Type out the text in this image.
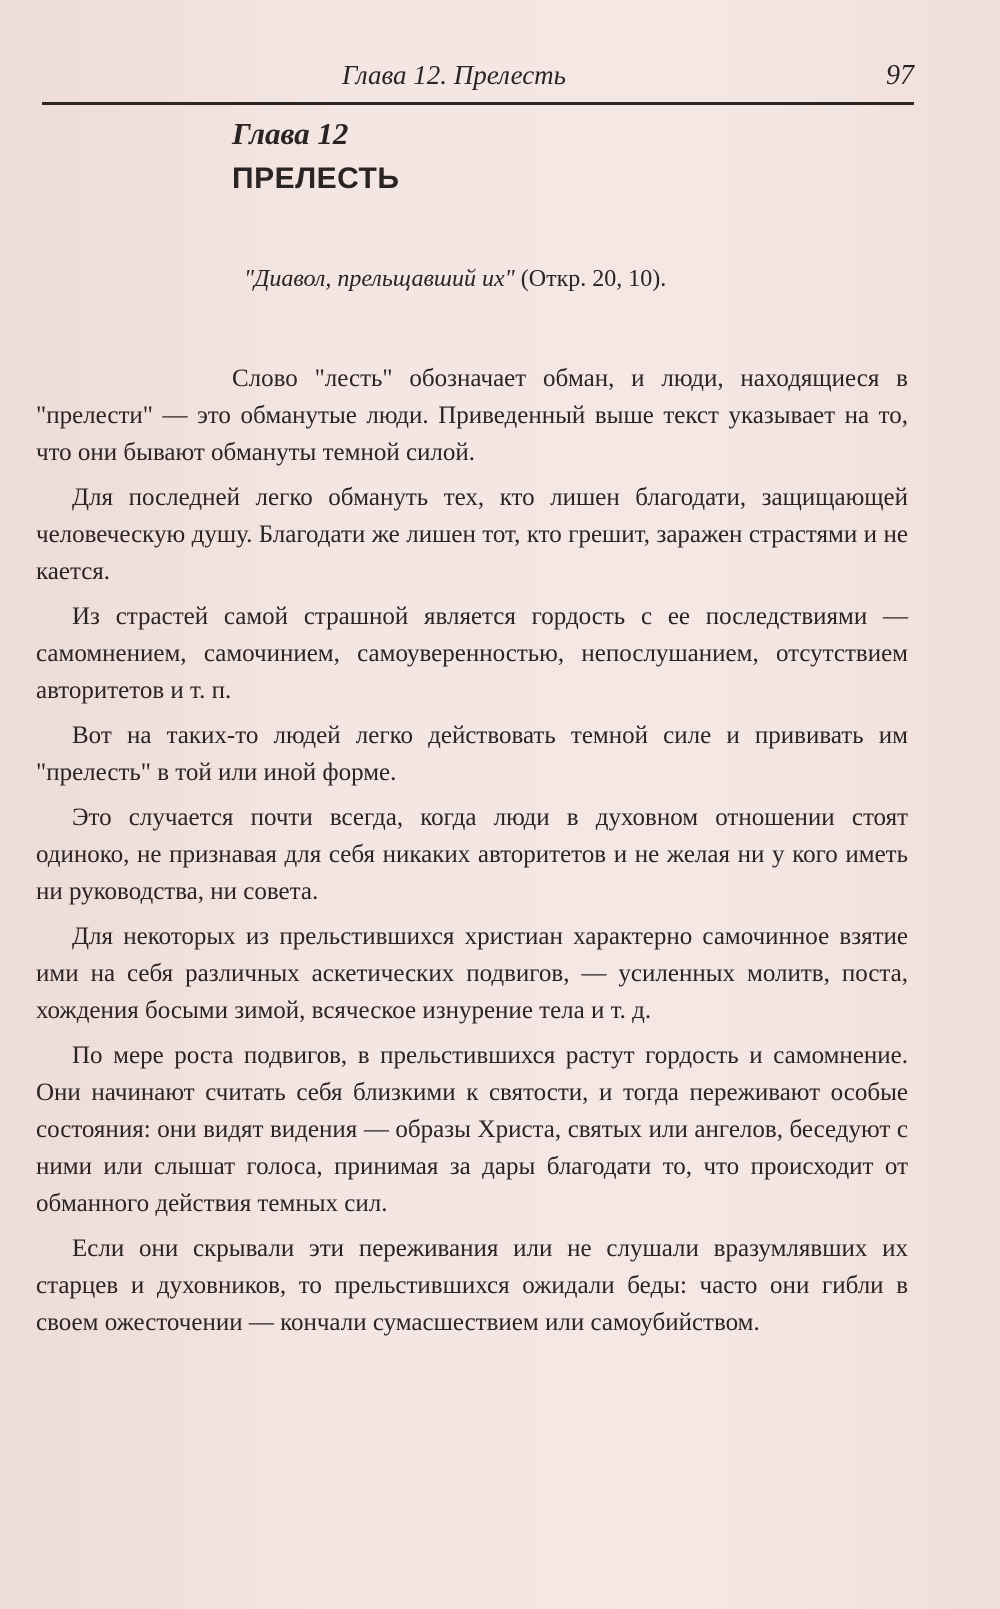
Глава 12. Прелесть	97
Глава 12
ПРЕЛЕСТЬ
"Диавол, прельщавший их" (Откр. 20, 10).

Слово "лесть" обозначает обман, и люди, находящиеся в "прелести" — это обманутые люди. Приведенный выше текст указывает на то, что они бывают обмануты темной силой.

Для последней легко обмануть тех, кто лишен благодати, защищающей человеческую душу. Благодати же лишен тот, кто грешит, заражен страстями и не кается.

Из страстей самой страшной является гордость с ее последствиями — самомнением, самочинием, самоуверенностью, непослушанием, отсутствием авторитетов и т. п.

Вот на таких-то людей легко действовать темной силе и прививать им "прелесть" в той или иной форме.

Это случается почти всегда, когда люди в духовном отношении стоят одиноко, не признавая для себя никаких авторитетов и не желая ни у кого иметь ни руководства, ни совета.

Для некоторых из прельстившихся христиан характерно самочинное взятие ими на себя различных аскетических подвигов, — усиленных молитв, поста, хождения босыми зимой, всяческое изнурение тела и т. д.

По мере роста подвигов, в прельстившихся растут гордость и самомнение. Они начинают считать себя близкими к святости, и тогда переживают особые состояния: они видят видения — образы Христа, святых или ангелов, беседуют с ними или слышат голоса, принимая за дары благодати то, что происходит от обманного действия темных сил.

Если они скрывали эти переживания или не слушали вразумлявших их старцев и духовников, то прельстившихся ожидали беды: часто они гибли в своем ожесточении — кончали сумасшествием или самоубийством.
